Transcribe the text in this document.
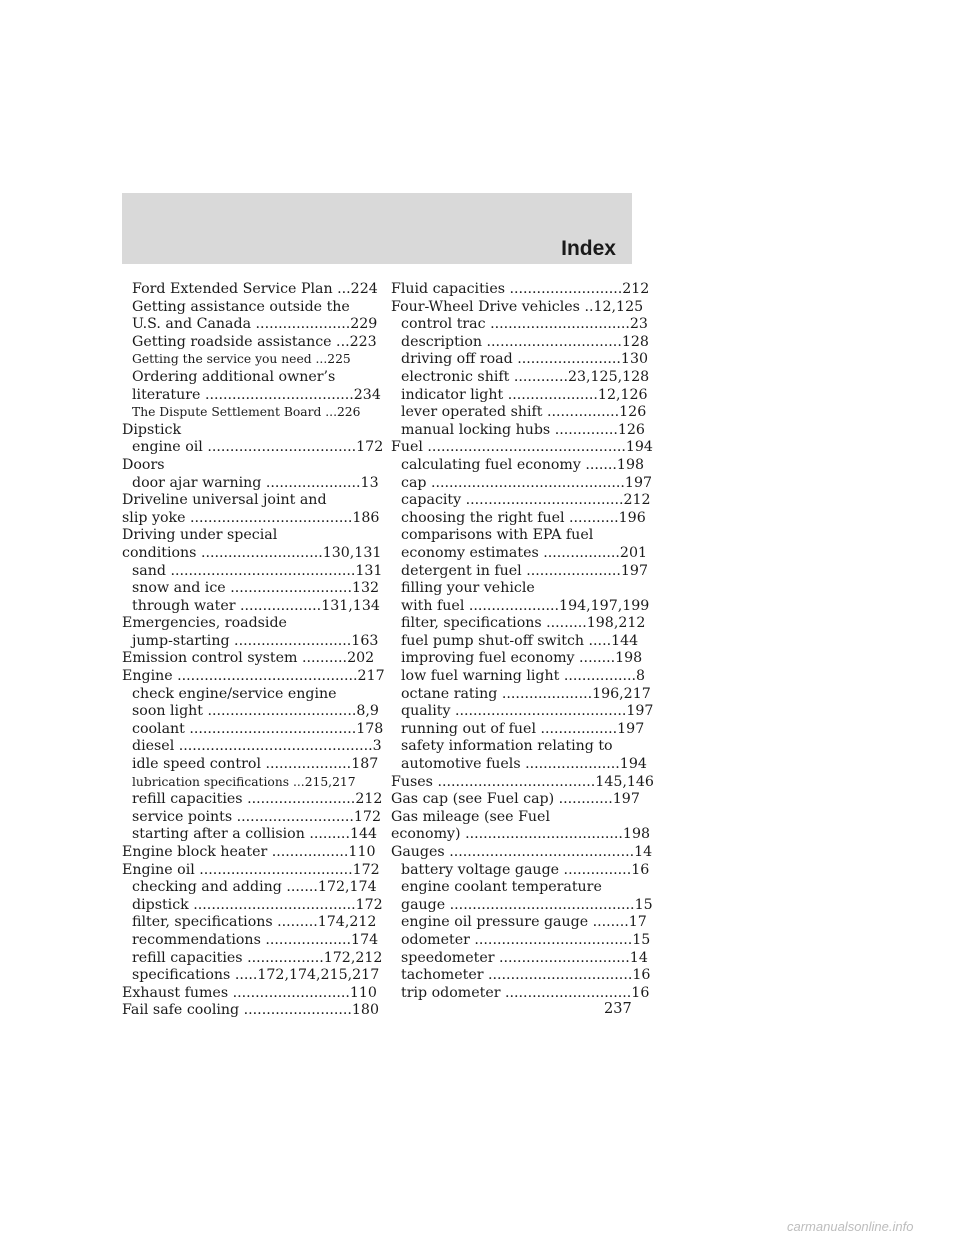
Index
Ford Extended Service Plan ...224
Getting assistance outside the
U.S. and Canada .....................229
Getting roadside assistance ...223
Getting the service you need ...225
Ordering additional owner’s
literature .................................234
The Dispute Settlement Board ...226
Dipstick
engine oil .................................172
Doors
door ajar warning .....................13
Driveline universal joint and
slip yoke ....................................186
Driving under special
conditions ...........................130,131
sand .........................................131
snow and ice ...........................132
through water ..................131,134
Emergencies, roadside
jump-starting ..........................163
Emission control system ..........202
Engine ........................................217
check engine/service engine
soon light .................................8,9
coolant .....................................178
diesel ...........................................3
idle speed control ...................187
lubrication specifications ...215,217
refill capacities ........................212
service points ..........................172
starting after a collision .........144
Engine block heater .................110
Engine oil ..................................172
checking and adding .......172,174
dipstick ....................................172
filter, specifications .........174,212
recommendations ...................174
refill capacities .................172,212
specifications .....172,174,215,217
Exhaust fumes ..........................110
Fail safe cooling ........................180
Fluid capacities .........................212
Four-Wheel Drive vehicles ..12,125
control trac ...............................23
description ..............................128
driving off road .......................130
electronic shift ............23,125,128
indicator light ....................12,126
lever operated shift ................126
manual locking hubs ..............126
Fuel ............................................194
calculating fuel economy .......198
cap ...........................................197
capacity ...................................212
choosing the right fuel ...........196
comparisons with EPA fuel
economy estimates .................201
detergent in fuel .....................197
filling your vehicle
with fuel ....................194,197,199
filter, specifications .........198,212
fuel pump shut-off switch .....144
improving fuel economy ........198
low fuel warning light ................8
octane rating ....................196,217
quality ......................................197
running out of fuel .................197
safety information relating to
automotive fuels .....................194
Fuses ...................................145,146
Gas cap (see Fuel cap) ............197
Gas mileage (see Fuel
economy) ...................................198
Gauges .........................................14
battery voltage gauge ...............16
engine coolant temperature
gauge .........................................15
engine oil pressure gauge ........17
odometer ...................................15
speedometer .............................14
tachometer ................................16
trip odometer ............................16
237
carmanualsonline.info
